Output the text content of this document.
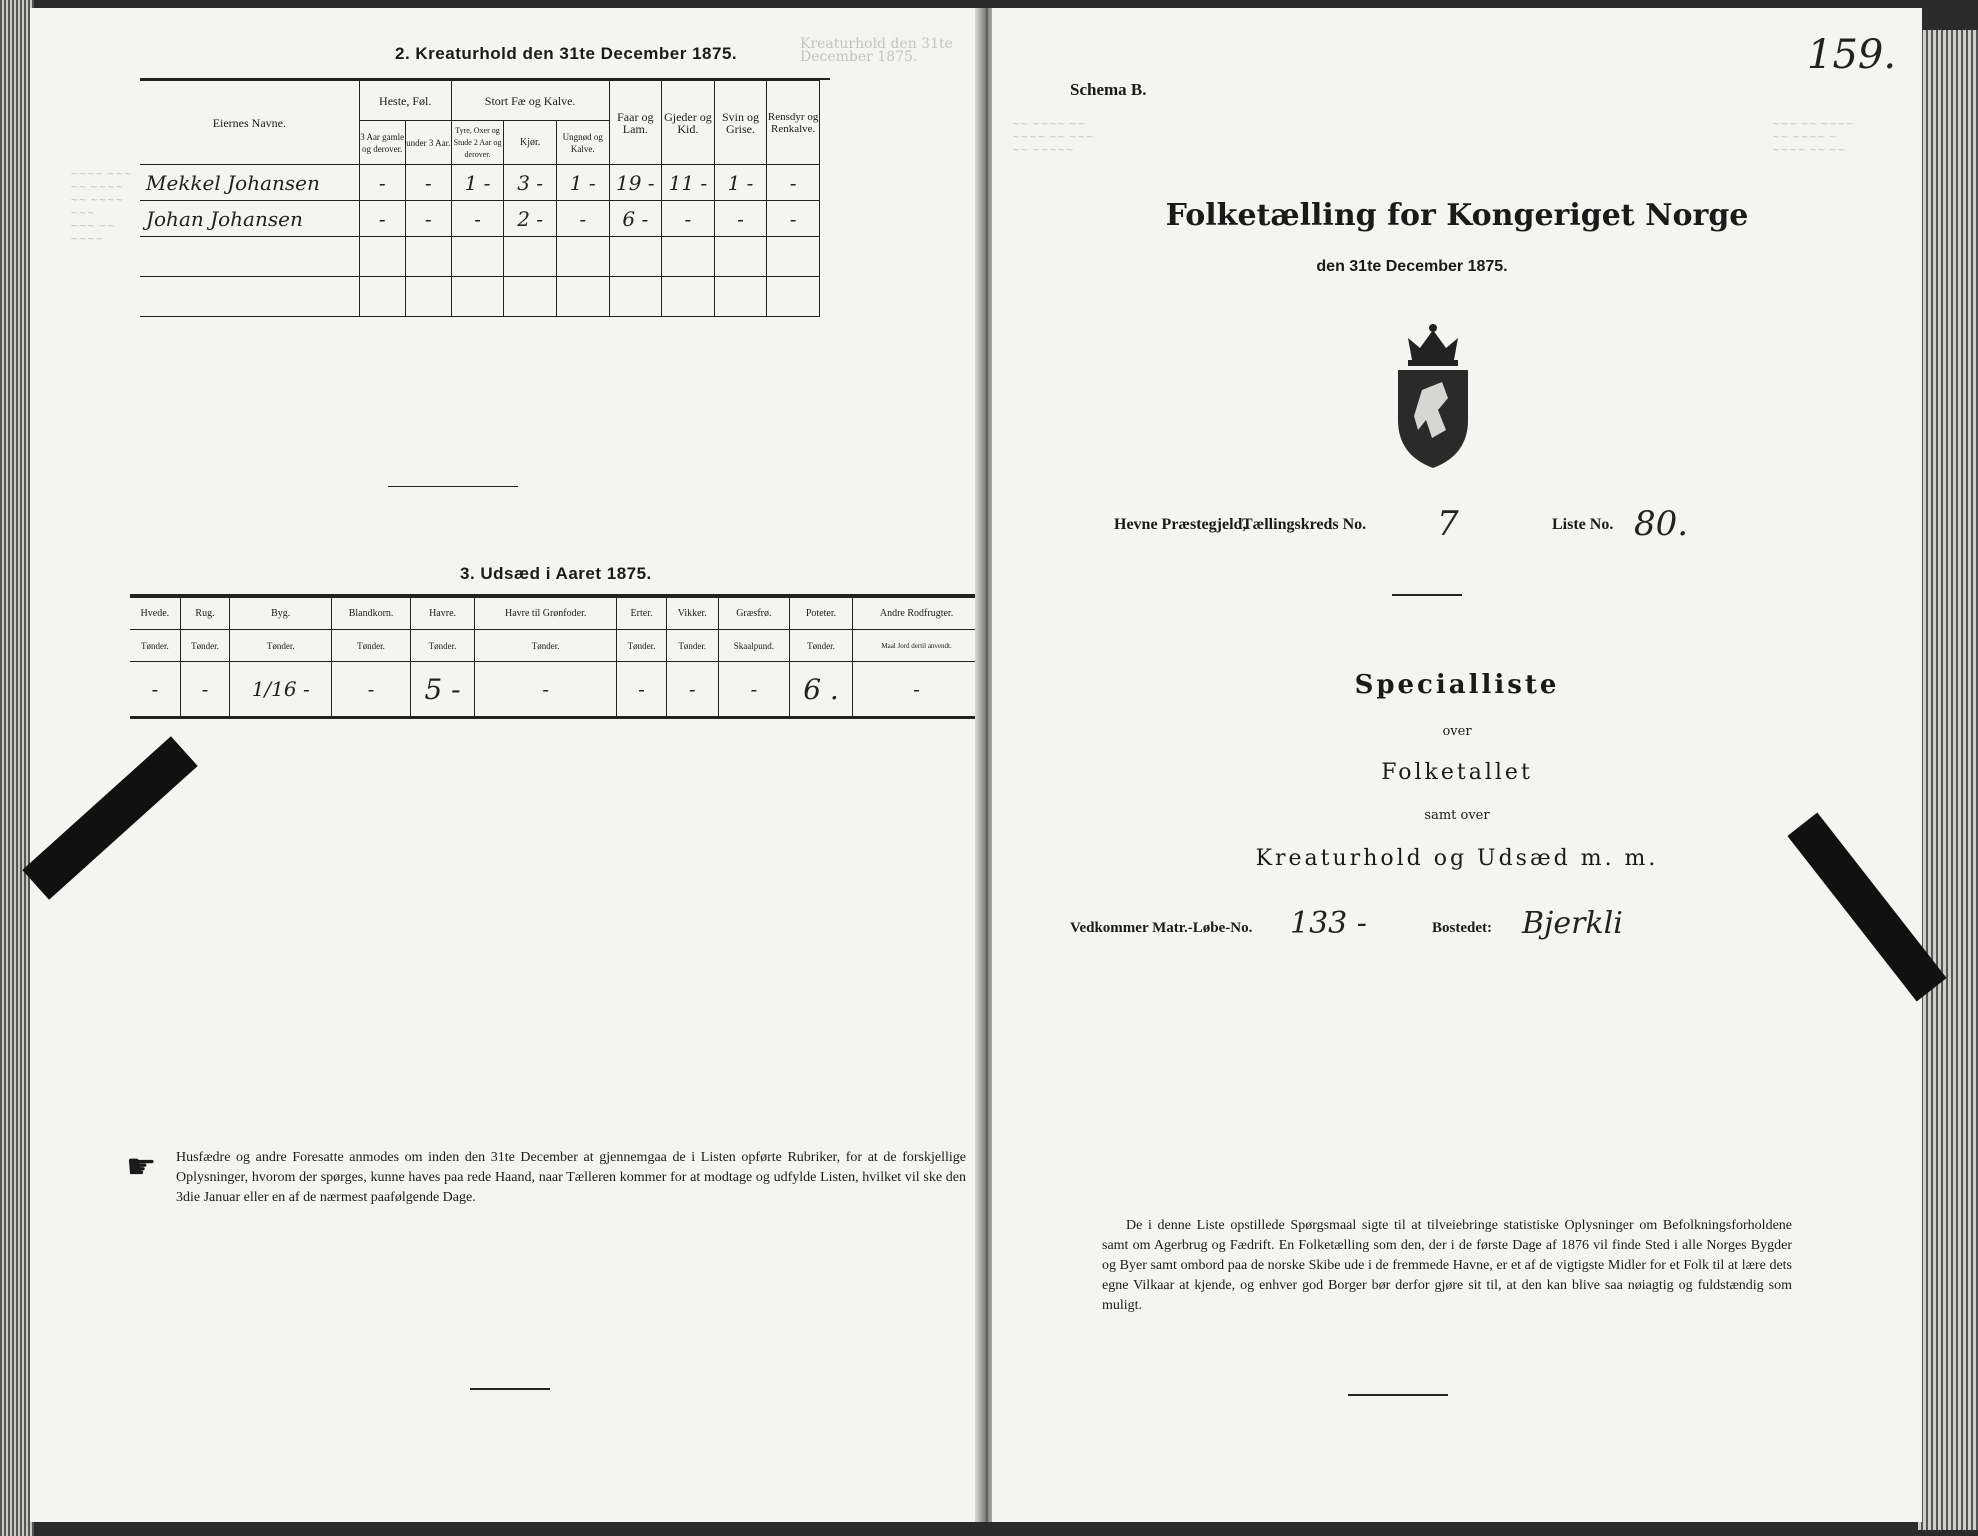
~~~~ ~~~ ~~ ~~~~
~~ ~~~~ ~~~
~~~ ~~ ~~~~
Kreaturhold den 31te December 1875.
2. Kreaturhold den 31te December 1875.
Eiernes Navne.	Heste, Føl.		Stort Fæ og Kalve.			Faar og Lam.	Gjeder og Kid.	Svin og Grise.	Rensdyr og Renkalve.
	3 Aar gamle og derover.	under 3 Aar.	Tyre, Oxer og Stude 2 Aar og derover.	Kjør.	Ungnød og Kalve.				
Mekkel Johansen	-	-	1 -	3 -	1 -	19 -	11 -	1 -	-
Johan Johansen	-	-	-	2 -	-	6 -	-	-	-

3. Udsæd i Aaret 1875.

Hvede.	Rug.	Byg.	Blandkorn.	Havre.	Havre til Grønfoder.	Erter.	Vikker.	Græsfrø.	Poteter.	Andre Rodfrugter.
Tønder.	Tønder.	Tønder.	Tønder.	Tønder.	Tønder.	Tønder.	Tønder.	Skaalpund.	Tønder.	Maal Jord dertil anvendt.
-	-	1/16 -	-	5 -	-	-	-	-	6 .	-
☛ Husfædre og andre Foresatte anmodes om inden den 31te December at gjennemgaa de i Listen opførte Rubriker, for at de forskjellige Oplysninger, hvorom der spørges, kunne haves paa rede Haand, naar Tælleren kommer for at modtage og udfylde Listen, hvilket vil ske den 3die Januar eller en af de nærmest paafølgende Dage.
~~ ~~~~ ~~
~~~~ ~~ ~~~
~~ ~~~~~
~~~ ~~ ~~~~
~~ ~~~~ ~
~~~~ ~~ ~~
Schema B.
159.
Folketælling for Kongeriget Norge
den 31te December 1875.
Hevne Præstegjeld,
Tællingskreds No. 7	Liste No. 80.
Specialliste
over
Folketallet
samt over
Kreaturhold og Udsæd m. m.
Vedkommer Matr.-Løbe-No. 133 -	Bostedet: Bjerkli
De i denne Liste opstillede Spørgsmaal sigte til at tilveiebringe statistiske Oplysninger om Befolkningsforholdene samt om Agerbrug og Fædrift. En Folketælling som den, der i de første Dage af 1876 vil finde Sted i alle Norges Bygder og Byer samt ombord paa de norske Skibe ude i de fremmede Havne, er et af de vigtigste Midler for et Folk til at lære dets egne Vilkaar at kjende, og enhver god Borger bør derfor gjøre sit til, at den kan blive saa nøiagtig og fuldstændig som muligt.
